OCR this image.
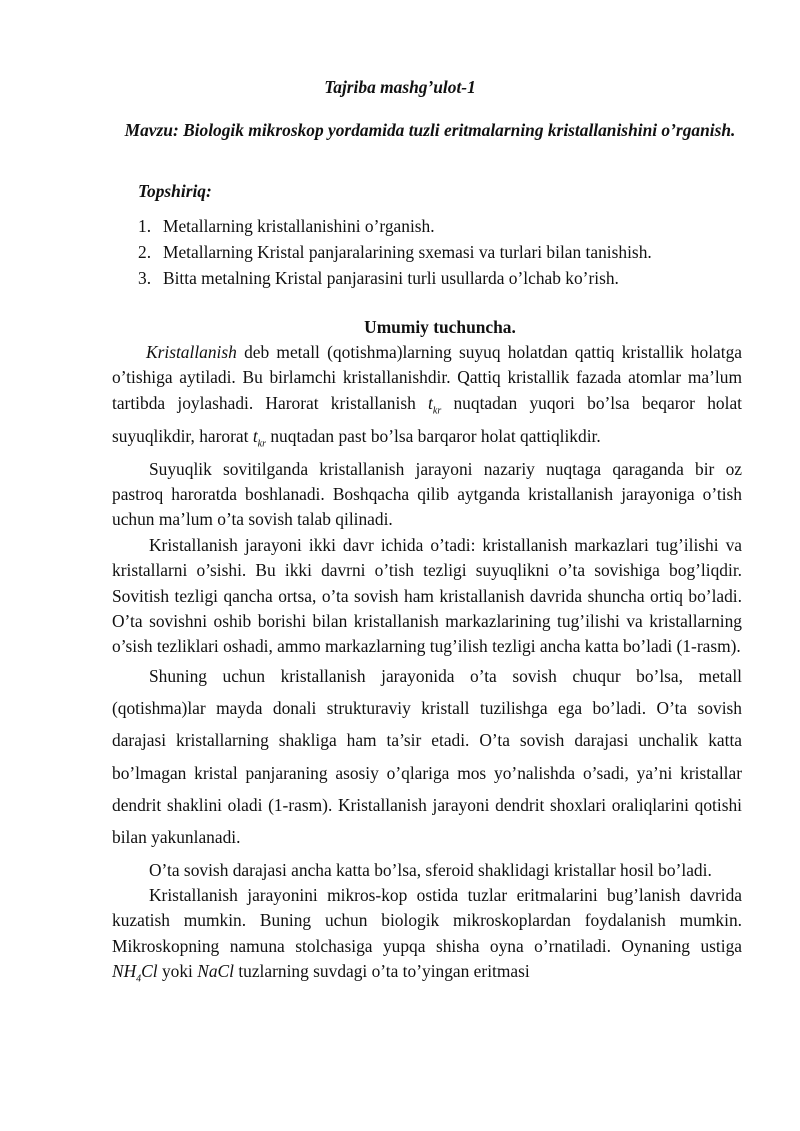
Tajriba mashg’ulot-1
Mavzu: Biologik mikroskop yordamida tuzli eritmalarning kristallanishini o’rganish.
Topshiriq:
1. Metallarning kristallanishini o’rganish.
2. Metallarning Kristal panjaralarining sxemasi va turlari bilan tanishish.
3. Bitta metalning Kristal panjarasini turli usullarda o’lchab ko’rish.
Umumiy tuchuncha.

Kristallanish deb metall (qotishma)larning suyuq holatdan qattiq kristallik holatga o’tishiga aytiladi. Bu birlamchi kristallanishdir. Qattiq kristallik fazada atomlar ma’lum tartibda joylashadi. Harorat kristallanish $t_{kr}$ nuqtadan yuqori bo’lsa beqaror holat suyuqlikdir, harorat $t_{kr}$ nuqtadan past bo’lsa barqaror holat qattiqlikdir.

Suyuqlik sovitilganda kristallanish jarayoni nazariy nuqtaga qaraganda bir oz pastroq haroratda boshlanadi. Boshqacha qilib aytganda kristallanish jarayoniga o’tish uchun ma’lum o’ta sovish talab qilinadi.

Kristallanish jarayoni ikki davr ichida o’tadi: kristallanish markazlari tug’ilishi va kristallarni o’sishi. Bu ikki davrni o’tish tezligi suyuqlikni o’ta sovishiga bog’liqdir. Sovitish tezligi qancha ortsa, o’ta sovish ham kristallanish davrida shuncha ortiq bo’ladi. O’ta sovishni oshib borishi bilan kristallanish markazlarining tug’ilishi va kristallarning o’sish tezliklari oshadi, ammo markazlarning tug’ilish tezligi ancha katta bo’ladi (1-rasm).

Shuning uchun kristallanish jarayonida o’ta sovish chuqur bo’lsa, metall (qotishma)lar mayda donali strukturaviy kristall tuzilishga ega bo’ladi. O’ta sovish darajasi kristallarning shakliga ham ta’sir etadi. O’ta sovish darajasi unchalik katta bo’lmagan kristal panjaraning asosiy o’qlariga mos yo’nalishda o’sadi, ya’ni kristallar dendrit shaklini oladi (1-rasm). Kristallanish jarayoni dendrit shoxlari oraliqlarini qotishi bilan yakunlanadi.

O’ta sovish darajasi ancha katta bo’lsa, sferoid shaklidagi kristallar hosil bo’ladi.

Kristallanish jarayonini mikros-kop ostida tuzlar eritmalarini bug’lanish davrida kuzatish mumkin. Buning uchun biologik mikroskoplardan foydalanish mumkin. Mikroskopning namuna stolchasiga yupqa shisha oyna o’rnatiladi. Oynaning ustiga $NH_4Cl$ yoki NaCl tuzlarning suvdagi o’ta to’yingan eritmasi
